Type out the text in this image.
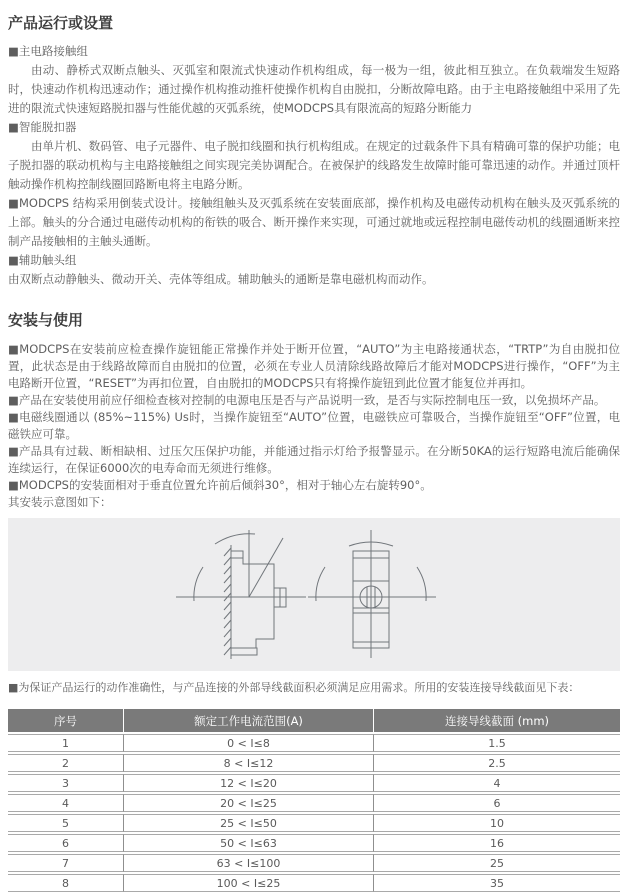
产品运行或设置

■主电路接触组

由动、静桥式双断点触头、灭弧室和限流式快速动作机构组成，每一极为一组，彼此相互独立。在负载端发生短路时，快速动作机构迅速动作；通过操作机构推动推杆使操作机构自由脱扣，分断故障电路。由于主电路接触组中采用了先进的限流式快速短路脱扣器与性能优越的灭弧系统，使MODCPS具有限流高的短路分断能力

■智能脱扣器

由单片机、数码管、电子元器件、电子脱扣线圈和执行机构组成。在规定的过载条件下具有精确可靠的保护功能；电子脱扣器的联动机构与主电路接触组之间实现完美协调配合。在被保护的线路发生故障时能可靠迅速的动作。并通过顶杆触动操作机构控制线圈回路断电将主电路分断。

■MODCPS 结构采用倒装式设计。接触组触头及灭弧系统在安装面底部，操作机构及电磁传动机构在触头及灭弧系统的上部。触头的分合通过电磁传动机构的衔铁的吸合、断开操作来实现，可通过就地或远程控制电磁传动机的线圈通断来控制产品接触相的主触头通断。

■辅助触头组

由双断点动静触头、微动开关、壳体等组成。辅助触头的通断是靠电磁机构而动作。

安装与使用

■MODCPS在安装前应检查操作旋钮能正常操作并处于断开位置，“AUTO”为主电路接通状态，“TRTP”为自由脱扣位置，此状态是由于线路故障而自由脱扣的位置，必须在专业人员清除线路故障后才能对MODCPS进行操作，“OFF”为主电路断开位置，“RESET”为再扣位置，自由脱扣的MODCPS只有将操作旋钮到此位置才能复位并再扣。

■产品在安装使用前应仔细检查核对控制的电源电压是否与产品说明一致，是否与实际控制电压一致，以免损坏产品。

■电磁线圈通以 (85%~115%) Us时，当操作旋钮至“AUTO”位置，电磁铁应可靠吸合，当操作旋钮至“OFF”位置，电磁铁应可靠。

■产品具有过载、断相缺相、过压欠压保护功能，并能通过指示灯给予报警显示。在分断50KA的运行短路电流后能确保连续运行，在保证6000次的电寿命而无须进行维修。

■MODCPS的安装面相对于垂直位置允许前后倾斜30°，相对于轴心左右旋转90°。

其安装示意图如下：

■为保证产品运行的动作准确性，与产品连接的外部导线截面积必须满足应用需求。所用的安装连接导线截面见下表：

序号	额定工作电流范围(A)	连接导线截面 (mm)
1	0 < I≤8	1.5
2	8 < I≤12	2.5
3	12 < I≤20	4
4	20 < I≤25	6
5	25 < I≤50	10
6	50 < I≤63	16
7	63 < I≤100	25
8	100 < I≤25	35
